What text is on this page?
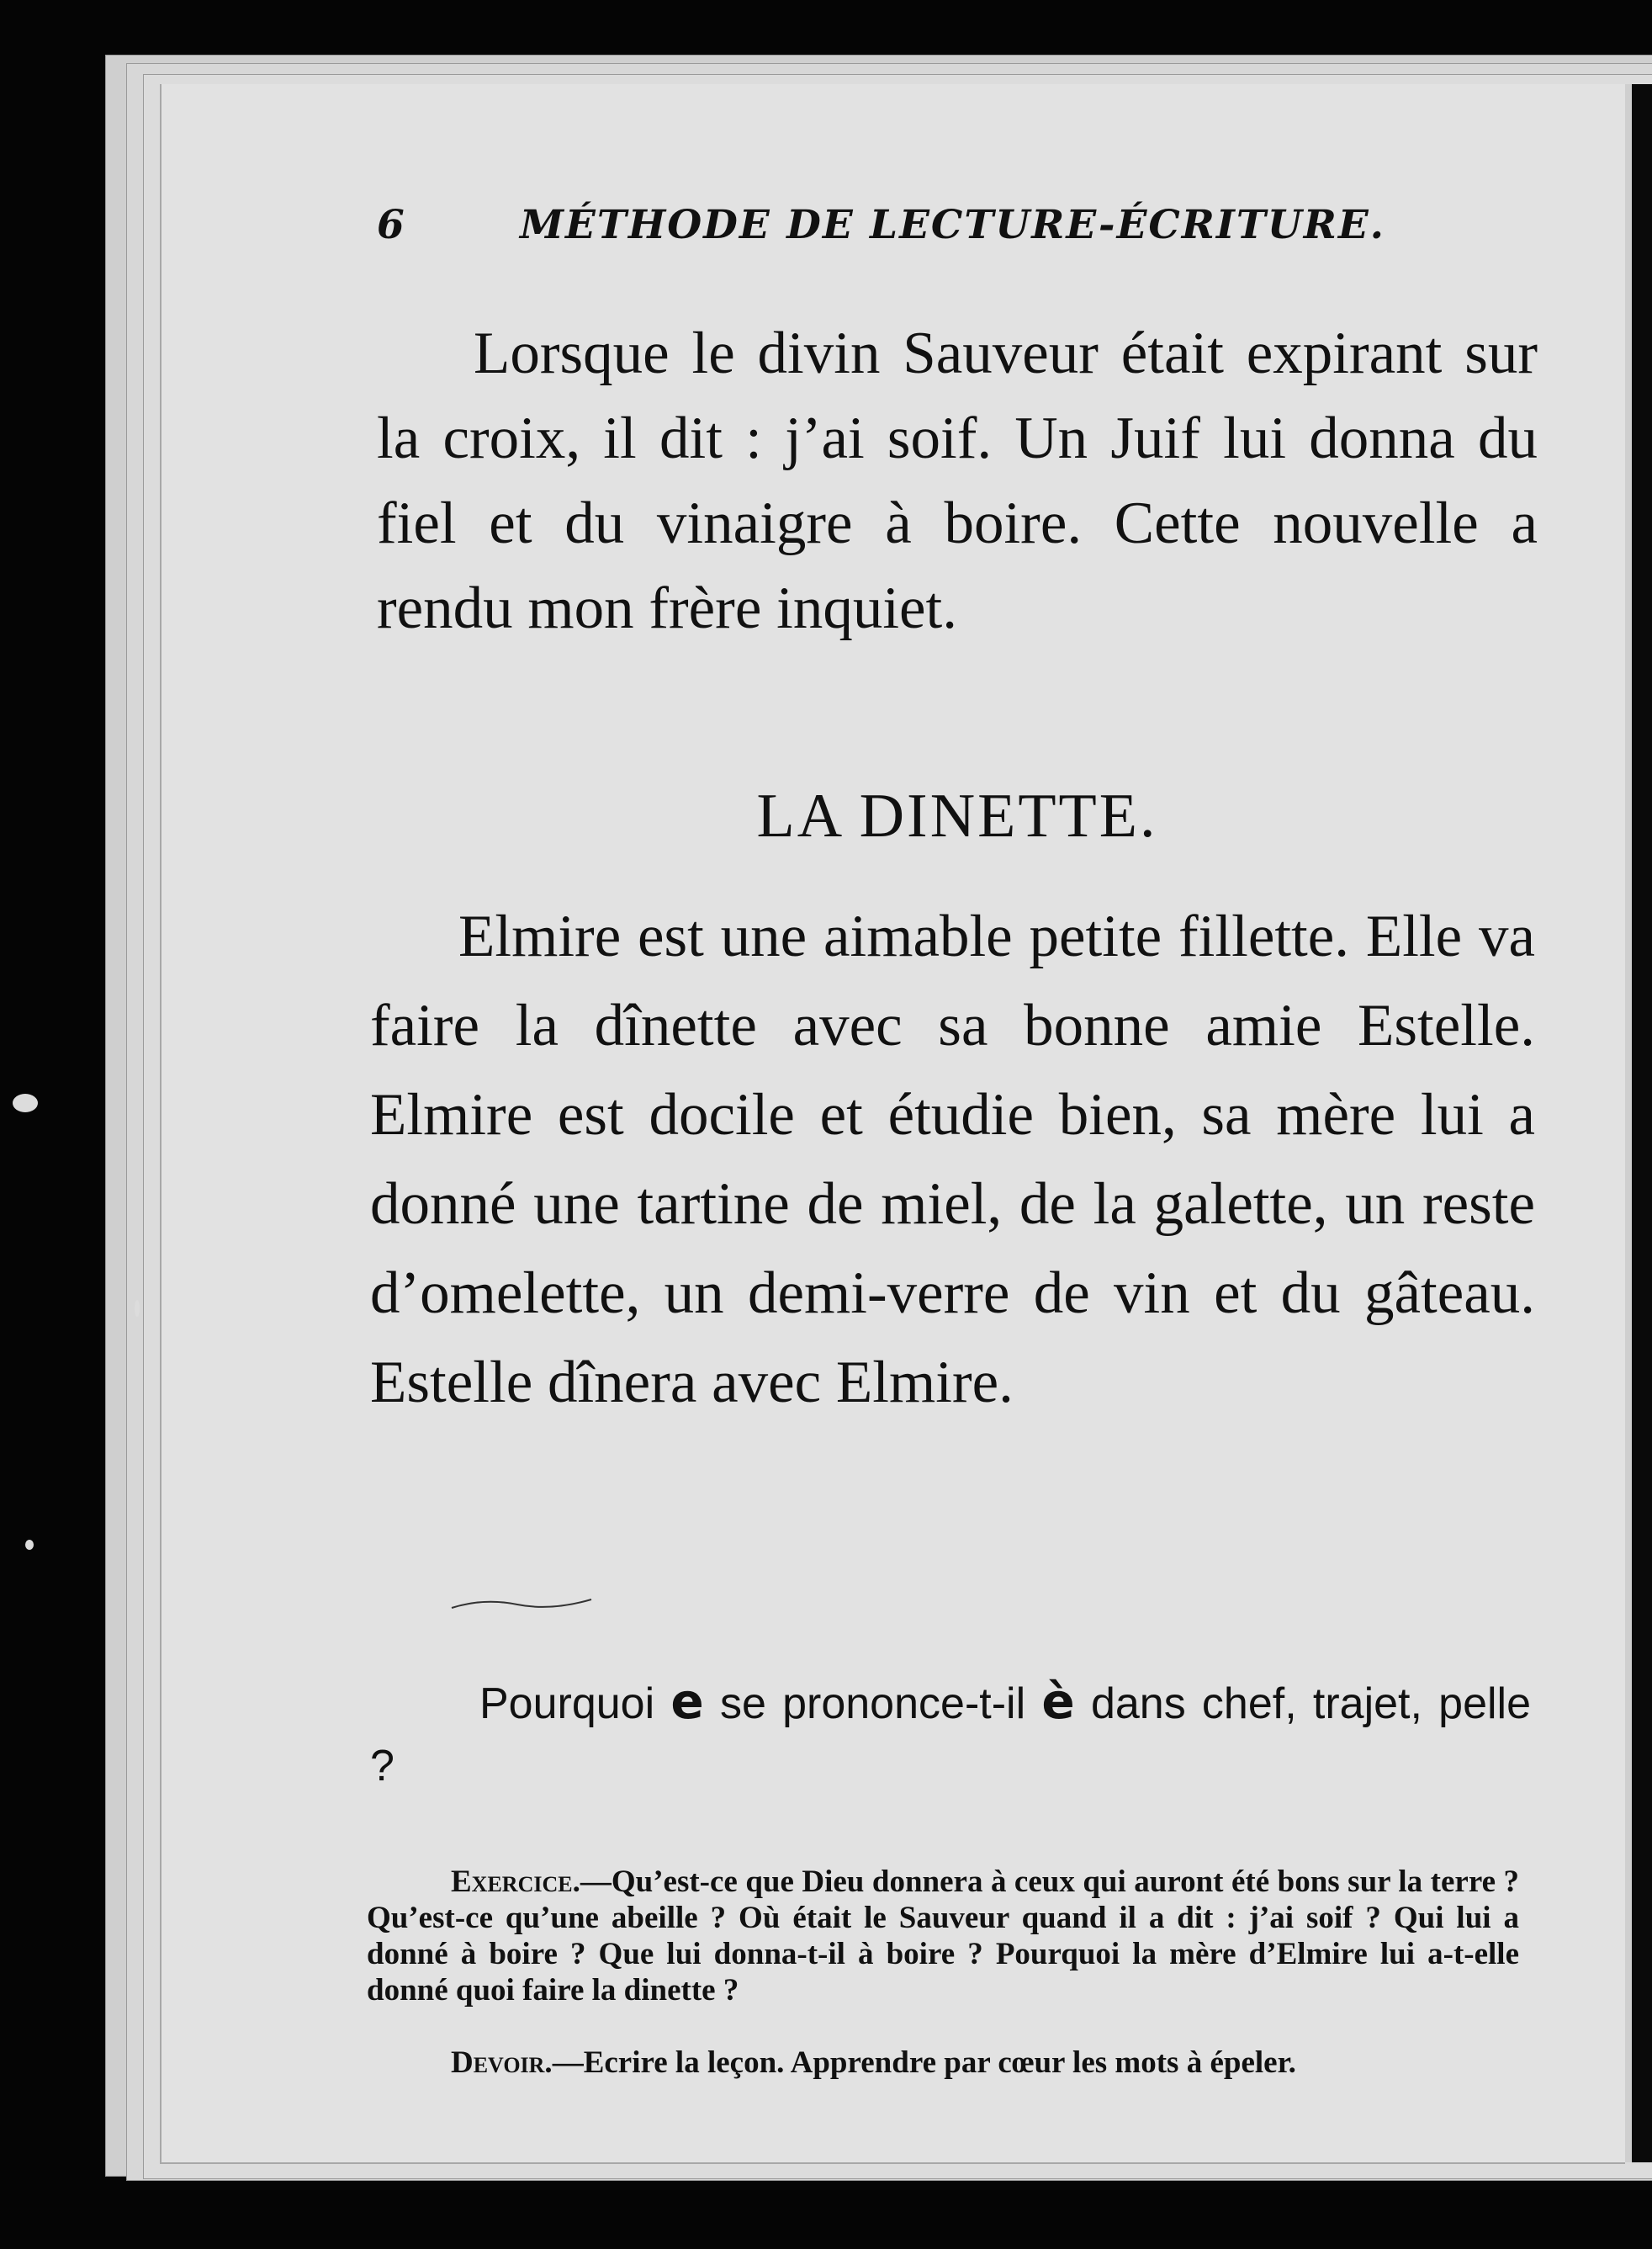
6	MÉTHODE DE LECTURE-ÉCRITURE.
Lorsque le divin Sauveur était expirant sur la croix, il dit : j’ai soif. Un Juif lui donna du fiel et du vinaigre à boire. Cette nouvelle a rendu mon frère inquiet.
LA DINETTE.
Elmire est une aimable petite fillette. Elle va faire la dînette avec sa bonne amie Estelle. Elmire est docile et étudie bien, sa mère lui a donné une tartine de miel, de la galette, un reste d’omelette, un demi-verre de vin et du gâteau. Estelle dînera avec Elmire.
Pourquoi e se prononce-t-il è dans chef, trajet, pelle ?
Exercice.—Qu’est-ce que Dieu donnera à ceux qui auront été bons sur la terre ? Qu’est-ce qu’une abeille ? Où était le Sauveur quand il a dit : j’ai soif ? Qui lui a donné à boire ? Que lui donna-t-il à boire ? Pourquoi la mère d’Elmire lui a-t-elle donné quoi faire la dinette ?
Devoir.—Ecrire la leçon. Apprendre par cœur les mots à épeler.
